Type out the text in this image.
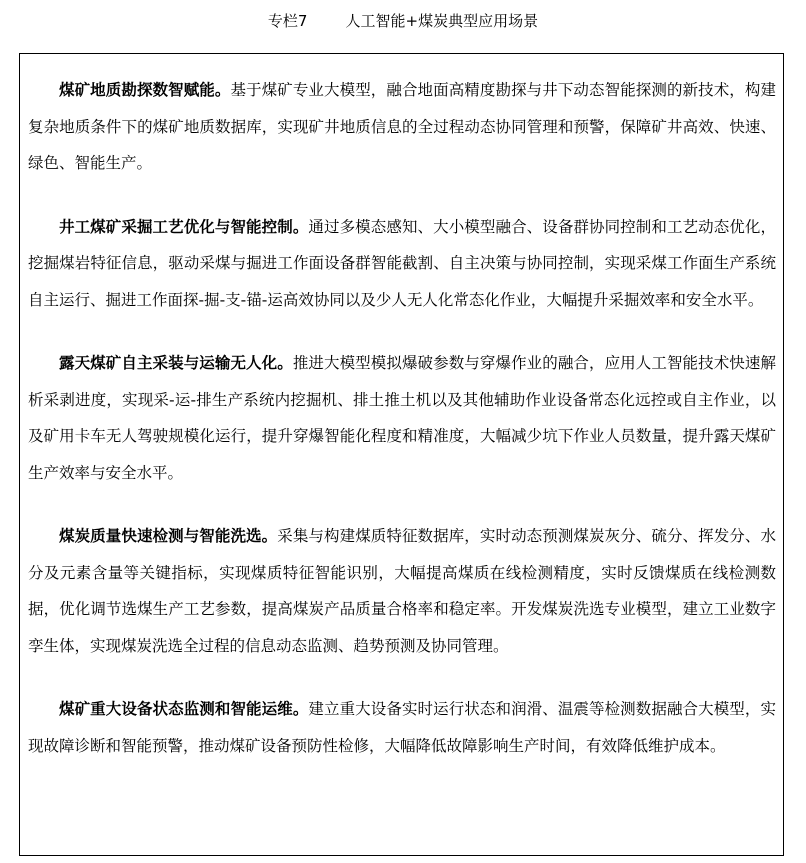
专栏7        人工智能+煤炭典型应用场景

煤矿地质勘探数智赋能。基于煤矿专业大模型，融合地面高精度勘探与井下动态智能探测的新技术，构建复杂地质条件下的煤矿地质数据库，实现矿井地质信息的全过程动态协同管理和预警，保障矿井高效、快速、绿色、智能生产。

井工煤矿采掘工艺优化与智能控制。通过多模态感知、大小模型融合、设备群协同控制和工艺动态优化，挖掘煤岩特征信息，驱动采煤与掘进工作面设备群智能截割、自主决策与协同控制，实现采煤工作面生产系统自主运行、掘进工作面探-掘-支-锚-运高效协同以及少人无人化常态化作业，大幅提升采掘效率和安全水平。

露天煤矿自主采装与运输无人化。推进大模型模拟爆破参数与穿爆作业的融合，应用人工智能技术快速解析采剥进度，实现采-运-排生产系统内挖掘机、排土推土机以及其他辅助作业设备常态化远控或自主作业，以及矿用卡车无人驾驶规模化运行，提升穿爆智能化程度和精准度，大幅减少坑下作业人员数量，提升露天煤矿生产效率与安全水平。

煤炭质量快速检测与智能洗选。采集与构建煤质特征数据库，实时动态预测煤炭灰分、硫分、挥发分、水分及元素含量等关键指标，实现煤质特征智能识别，大幅提高煤质在线检测精度，实时反馈煤质在线检测数据，优化调节选煤生产工艺参数，提高煤炭产品质量合格率和稳定率。开发煤炭洗选专业模型，建立工业数字孪生体，实现煤炭洗选全过程的信息动态监测、趋势预测及协同管理。

煤矿重大设备状态监测和智能运维。建立重大设备实时运行状态和润滑、温震等检测数据融合大模型，实现故障诊断和智能预警，推动煤矿设备预防性检修，大幅降低故障影响生产时间，有效降低维护成本。
